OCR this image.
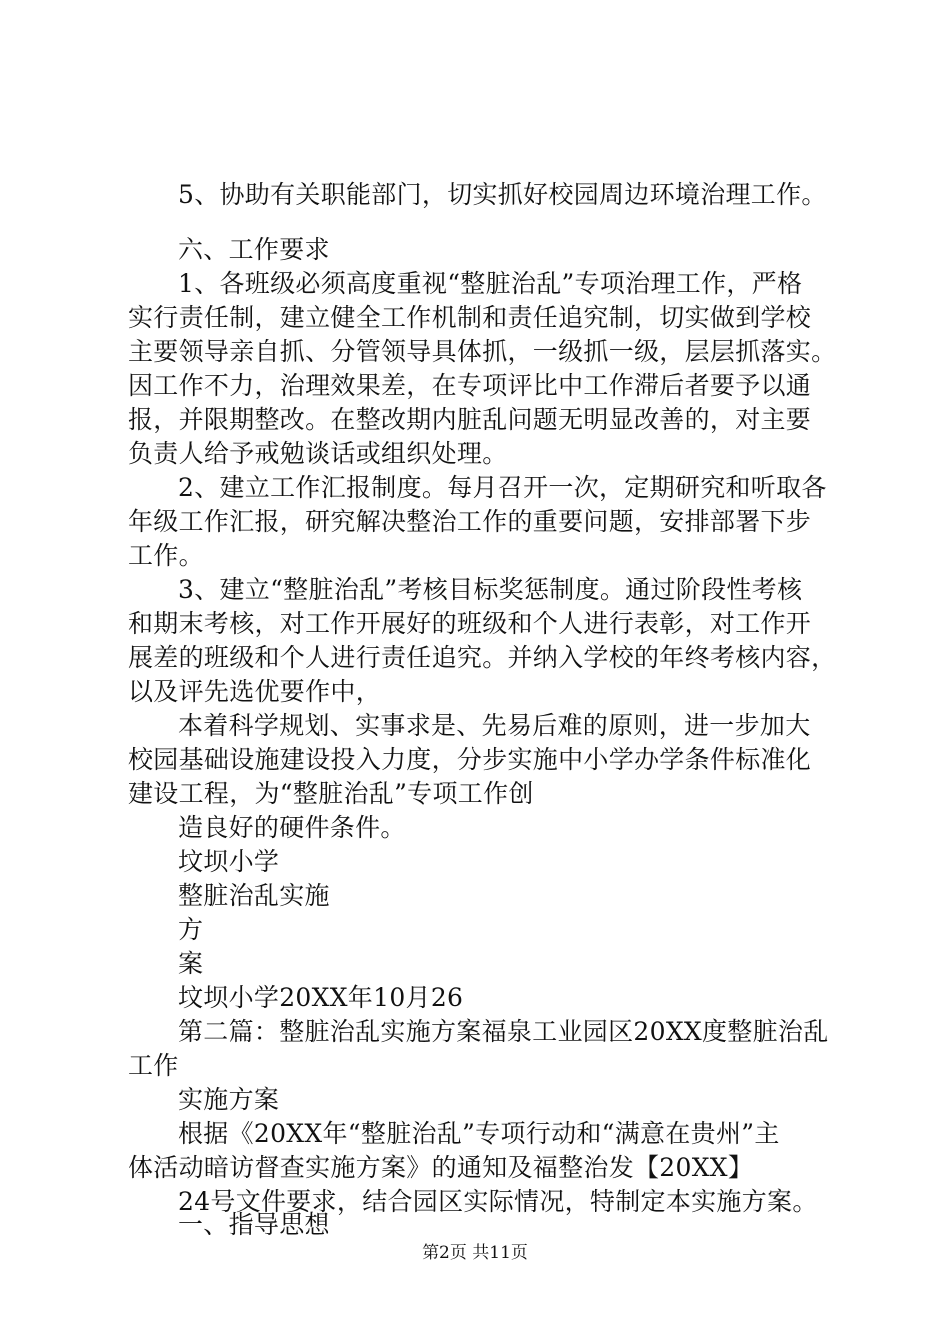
5、协助有关职能部门，切实抓好校园周边环境治理工作。
六、工作要求
1、各班级必须高度重视“整脏治乱”专项治理工作，严格
实行责任制，建立健全工作机制和责任追究制，切实做到学校
主要领导亲自抓、分管领导具体抓，一级抓一级，层层抓落实。
因工作不力，治理效果差，在专项评比中工作滞后者要予以通
报，并限期整改。在整改期内脏乱问题无明显改善的，对主要
负责人给予戒勉谈话或组织处理。
2、建立工作汇报制度。每月召开一次，定期研究和听取各
年级工作汇报，研究解决整治工作的重要问题，安排部署下步
工作。
3、建立“整脏治乱”考核目标奖惩制度。通过阶段性考核
和期末考核，对工作开展好的班级和个人进行表彰，对工作开
展差的班级和个人进行责任追究。并纳入学校的年终考核内容，
以及评先选优要作中，
本着科学规划、实事求是、先易后难的原则，进一步加大
校园基础设施建设投入力度，分步实施中小学办学条件标准化
建设工程，为“整脏治乱”专项工作创
造良好的硬件条件。
坟坝小学
整脏治乱实施
方
案
坟坝小学20XX年10月26
第二篇：整脏治乱实施方案福泉工业园区20XX度整脏治乱
工作
实施方案
根据《20XX年“整脏治乱”专项行动和“满意在贵州”主
体活动暗访督查实施方案》的通知及福整治发【20XX】
24号文件要求，结合园区实际情况，特制定本实施方案。
一、指导思想
第2页 共11页
